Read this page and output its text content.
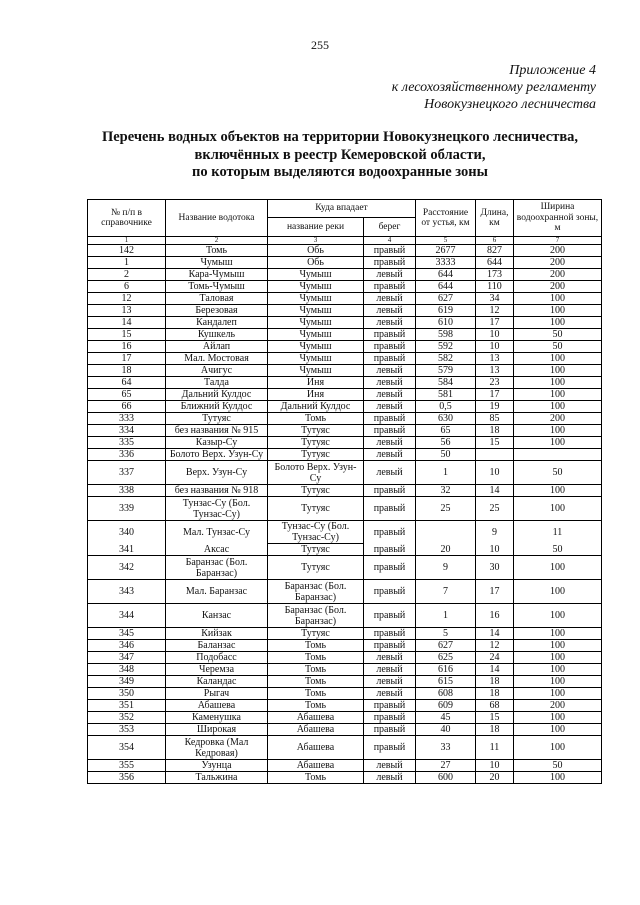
255
Приложение 4
к лесохозяйственному регламенту
Новокузнецкого лесничества
Перечень водных объектов на территории Новокузнецкого лесничества,
включённых в реестр Кемеровской области,
по которым выделяются водоохранные зоны
№ п/п в справочнике	Название водотока	Куда впадает		Расстояние от устья, км	Длина, км	Ширина водоохранной зоны, м
		название реки	берег			
1	2	3	4	5	6	7
142	Томь	Обь	правый	2677	827	200
1	Чумыш	Обь	правый	3333	644	200
2	Кара-Чумыш	Чумыш	левый	644	173	200
6	Томь-Чумыш	Чумыш	правый	644	110	200
12	Таловая	Чумыш	левый	627	34	100
13	Березовая	Чумыш	левый	619	12	100
14	Кандалеп	Чумыш	левый	610	17	100
15	Кушкель	Чумыш	правый	598	10	50
16	Айлап	Чумыш	правый	592	10	50
17	Мал. Мостовая	Чумыш	правый	582	13	100
18	Ачигус	Чумыш	левый	579	13	100
64	Талда	Иня	левый	584	23	100
65	Дальний Кулдос	Иня	левый	581	17	100
66	Ближний Кулдос	Дальний Кулдос	левый	0,5	19	100
333	Тутуяс	Томь	правый	630	85	200
334	без названия № 915	Тутуяс	правый	65	18	100
335	Казыр-Су	Тутуяс	левый	56	15	100
336	Болото Верх. Узун-Су	Тутуяс	левый	50		
337	Верх. Узун-Су	Болото Верх. Узун-Су	левый	1	10	50
338	без названия № 918	Тутуяс	правый	32	14	100
339	Тунзас-Су (Бол. Тунзас-Су)	Тутуяс	правый	25	25	100
340	Мал. Тунзас-Су	Тунзас-Су (Бол. Тунзас-Су)	правый		9	11
341	Аксас	Тутуяс	правый	20	10	50
342	Баранзас (Бол. Баранзас)	Тутуяс	правый	9	30	100
343	Мал. Баранзас	Баранзас (Бол. Баранзас)	правый	7	17	100
344	Канзас	Баранзас (Бол. Баранзас)	правый	1	16	100
345	Кийзак	Тутуяс	правый	5	14	100
346	Баланзас	Томь	правый	627	12	100
347	Подобасс	Томь	левый	625	24	100
348	Черемза	Томь	левый	616	14	100
349	Каландас	Томь	левый	615	18	100
350	Рыгач	Томь	левый	608	18	100
351	Абашева	Томь	правый	609	68	200
352	Каменушка	Абашева	правый	45	15	100
353	Широкая	Абашева	правый	40	18	100
354	Кедровка (Мал Кедровая)	Абашева	правый	33	11	100
355	Узунца	Абашева	левый	27	10	50
356	Тальжина	Томь	левый	600	20	100
